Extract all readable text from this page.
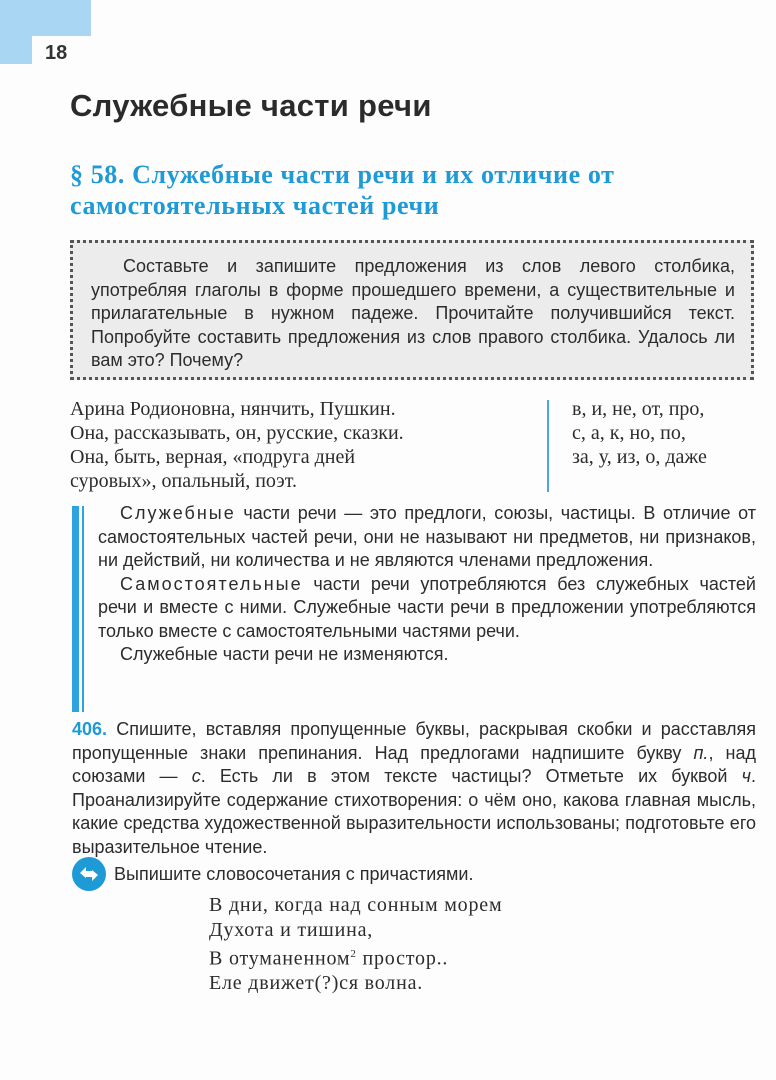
18
Служебные части речи
§ 58. Служебные части речи и их отличие от самостоятельных частей речи

Составьте и запишите предложения из слов левого столбика, употребляя глаголы в форме прошедшего времени, а существительные и прилагательные в нужном падеже. Прочитайте получившийся текст. Попробуйте составить предложения из слов правого столбика. Удалось ли вам это? Почему?

Арина Родионовна, нянчить, Пушкин.
Она, рассказывать, он, русские, сказки.
Она, быть, верная, «подруга дней
суровых», опальный, поэт.
в, и, не, от, про,
с, а, к, но, по,
за, у, из, о, даже

Служебные части речи — это предлоги, союзы, частицы. В отличие от самостоятельных частей речи, они не называют ни предметов, ни признаков, ни действий, ни количества и не являются членами предложения.

Самостоятельные части речи употребляются без служебных частей речи и вместе с ними. Служебные части речи в предложении употребляются только вместе с самостоятельными частями речи.

Служебные части речи не изменяются.

406. Спишите, вставляя пропущенные буквы, раскрывая скобки и расставляя пропущенные знаки препинания. Над предлогами надпишите букву п., над союзами — с. Есть ли в этом тексте частицы? Отметьте их буквой ч. Проанализируйте содержание стихотворения: о чём оно, какова главная мысль, какие средства художественной выразительности использованы; подготовьте его выразительное чтение.

Выпишите словосочетания с причастиями.
В дни, когда над сонным морем
Духота и тишина,
В отуманенном$^2$ простор..
Еле движет(?)ся волна.
